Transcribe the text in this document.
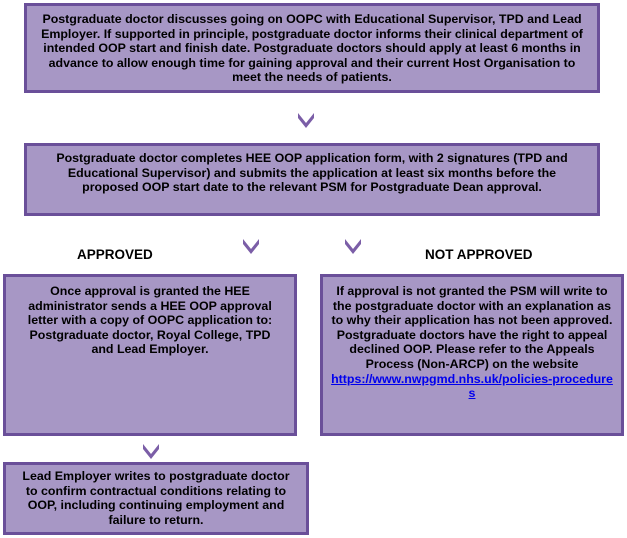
Postgraduate doctor discusses going on OOPC with Educational Supervisor, TPD and Lead Employer. If supported in principle, postgraduate doctor informs their clinical department of intended OOP start and finish date. Postgraduate doctors should apply at least 6 months in advance to allow enough time for gaining approval and their current Host Organisation to meet the needs of patients.
Postgraduate doctor completes HEE OOP application form, with 2 signatures (TPD and Educational Supervisor) and submits the application at least six months before the proposed OOP start date to the relevant PSM for Postgraduate Dean approval.
APPROVED	NOT APPROVED
Once approval is granted the HEE administrator sends a HEE OOP approval letter with a copy of OOPC application to: Postgraduate doctor, Royal College, TPD and Lead Employer.
If approval is not granted the PSM will write to the postgraduate doctor with an explanation as to why their application has not been approved. Postgraduate doctors have the right to appeal declined OOP. Please refer to the Appeals Process (Non-ARCP) on the website
https://www.nwpgmd.nhs.uk/policies-procedures
Lead Employer writes to postgraduate doctor to confirm contractual conditions relating to OOP, including continuing employment and failure to return.
